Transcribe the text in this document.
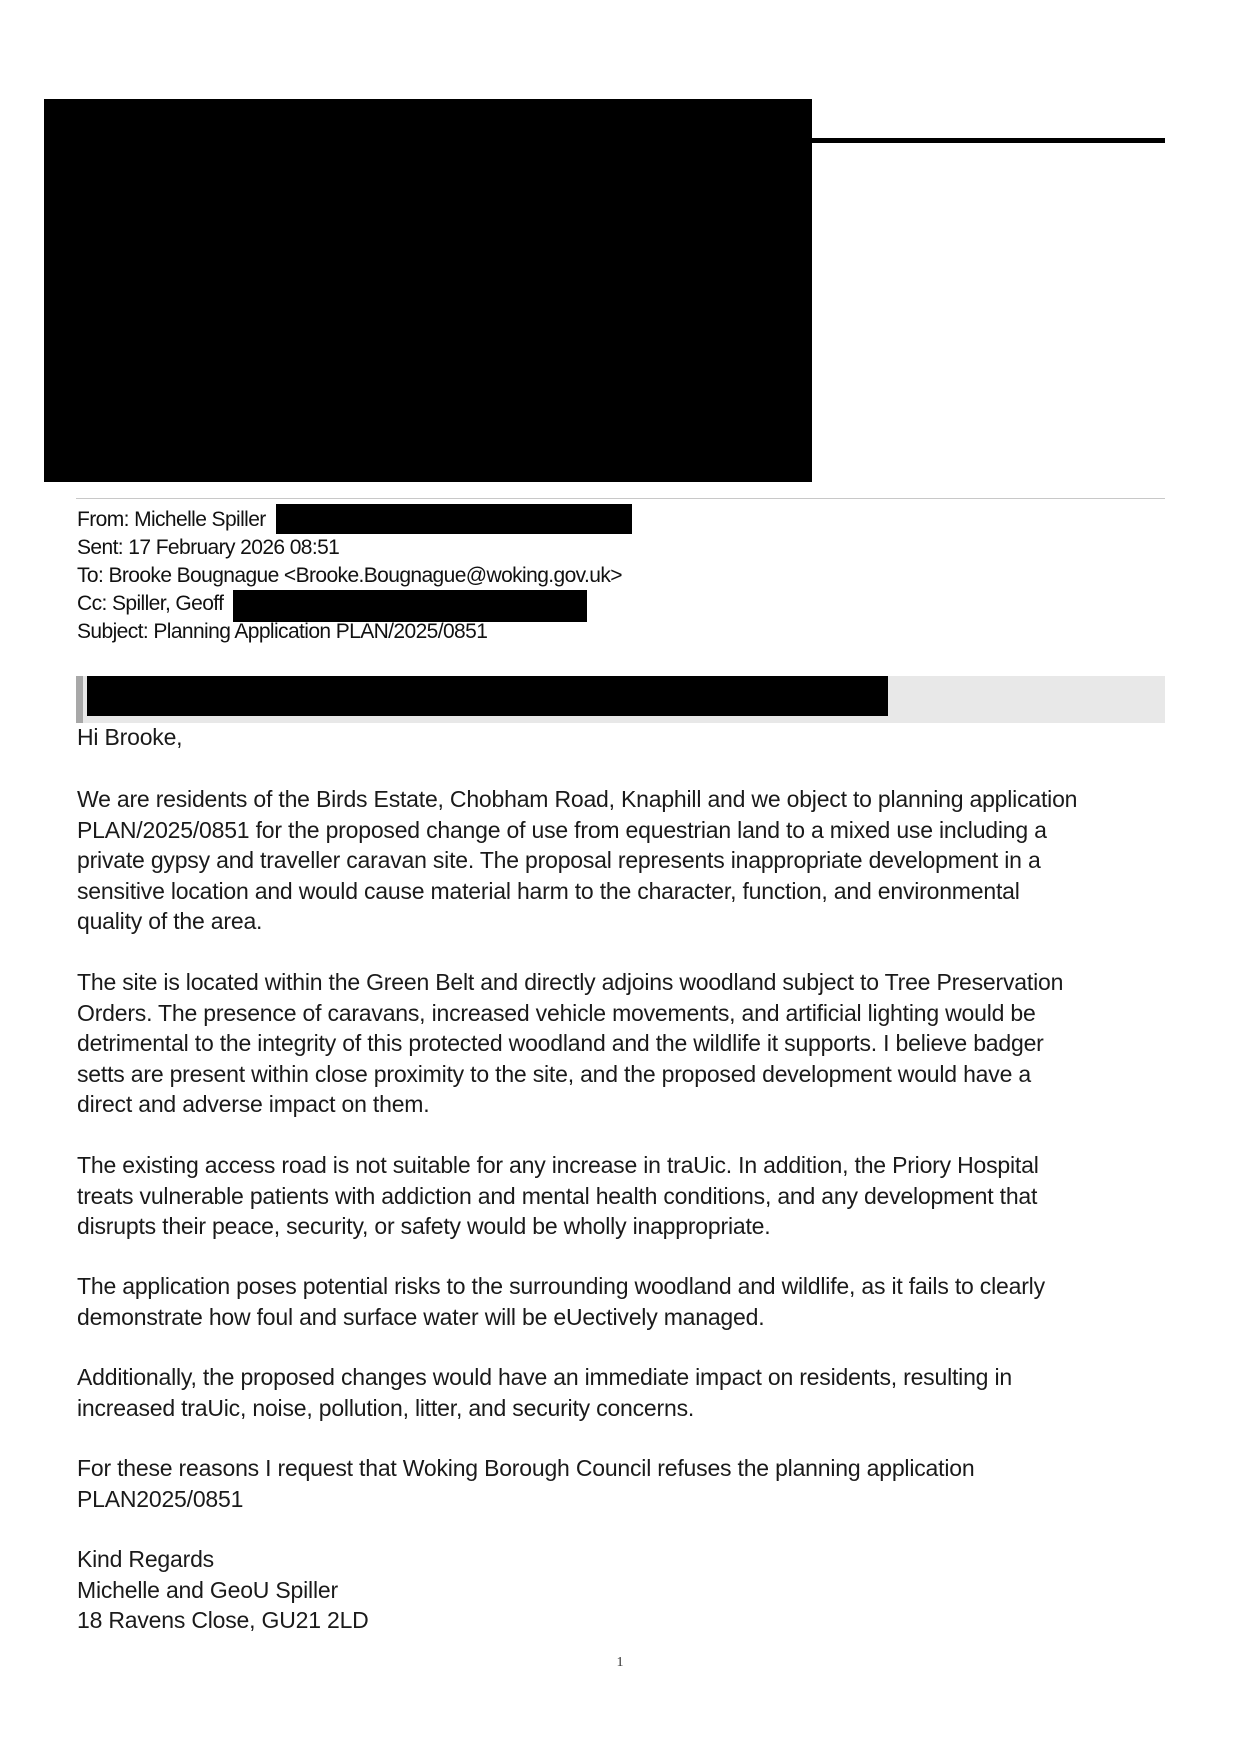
From: Michelle Spiller
Sent: 17 February 2026 08:51
To: Brooke Bougnague <Brooke.Bougnague@woking.gov.uk>
Cc: Spiller, Geoff
Subject: Planning Application PLAN/2025/0851

Hi Brooke,

We are residents of the Birds Estate, Chobham Road, Knaphill and we object to planning application
PLAN/2025/0851 for the proposed change of use from equestrian land to a mixed use including a
private gypsy and traveller caravan site. The proposal represents inappropriate development in a
sensitive location and would cause material harm to the character, function, and environmental
quality of the area.
The site is located within the Green Belt and directly adjoins woodland subject to Tree Preservation
Orders. The presence of caravans, increased vehicle movements, and artificial lighting would be
detrimental to the integrity of this protected woodland and the wildlife it supports. I believe badger
setts are present within close proximity to the site, and the proposed development would have a
direct and adverse impact on them.
The existing access road is not suitable for any increase in traUic. In addition, the Priory Hospital
treats vulnerable patients with addiction and mental health conditions, and any development that
disrupts their peace, security, or safety would be wholly inappropriate.
The application poses potential risks to the surrounding woodland and wildlife, as it fails to clearly
demonstrate how foul and surface water will be eUectively managed.
Additionally, the proposed changes would have an immediate impact on residents, resulting in
increased traUic, noise, pollution, litter, and security concerns.
For these reasons I request that Woking Borough Council refuses the planning application
PLAN2025/0851
Kind Regards
Michelle and GeoU Spiller
18 Ravens Close, GU21 2LD
1
